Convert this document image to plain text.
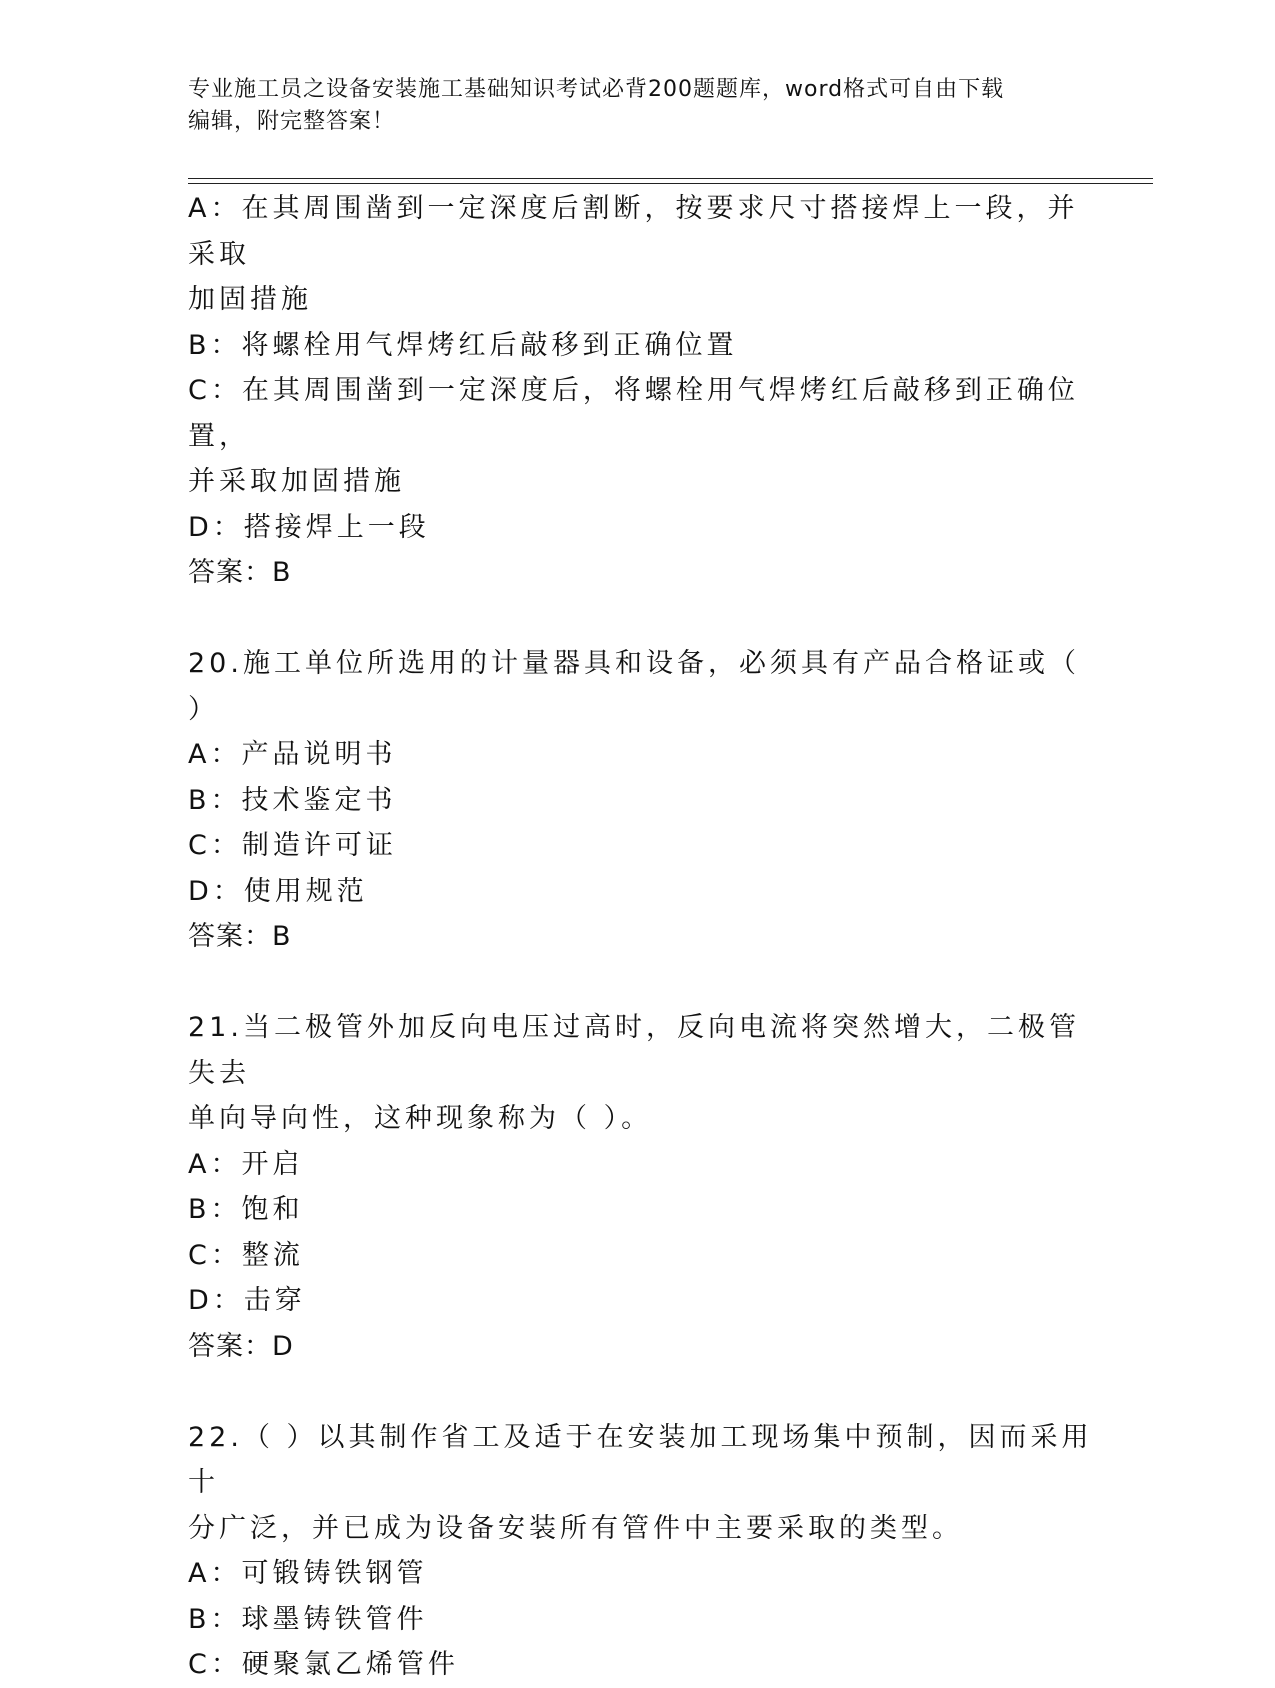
专业施工员之设备安装施工基础知识考试必背200题题库，word格式可自由下载
编辑，附完整答案！
A：在其周围凿到一定深度后割断，按要求尺寸搭接焊上一段，并采取
加固措施
B：将螺栓用气焊烤红后敲移到正确位置
C：在其周围凿到一定深度后，将螺栓用气焊烤红后敲移到正确位置，
并采取加固措施
D：搭接焊上一段
答案：B
20.施工单位所选用的计量器具和设备，必须具有产品合格证或（ ）
A：产品说明书
B：技术鉴定书
C：制造许可证
D：使用规范
答案：B
21.当二极管外加反向电压过高时，反向电流将突然增大，二极管失去
单向导向性，这种现象称为（ ）。
A：开启
B：饱和
C：整流
D：击穿
答案：D
22.（ ）以其制作省工及适于在安装加工现场集中预制，因而采用十
分广泛，并已成为设备安装所有管件中主要采取的类型。
A：可锻铸铁钢管
B：球墨铸铁管件
C：硬聚氯乙烯管件
